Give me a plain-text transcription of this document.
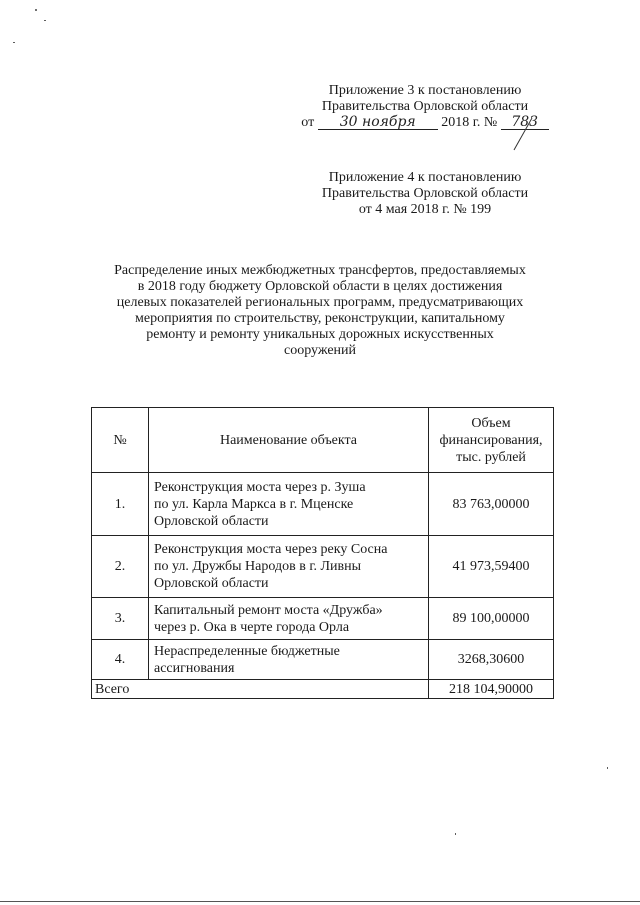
Приложение 3 к постановлению
Правительства Орловской области
от 30 ноября 2018 г. № 783
Приложение 4 к постановлению
Правительства Орловской области
от 4 мая 2018 г. № 199
Распределение иных межбюджетных трансфертов, предоставляемых
в 2018 году бюджету Орловской области в целях достижения
целевых показателей региональных программ, предусматривающих
мероприятия по строительству, реконструкции, капитальному
ремонту и ремонту уникальных дорожных искусственных
сооружений
№	Наименование объекта	Объем
финансирования,
тыс. рублей

1.	Реконструкция моста через р. Зуша
по ул. Карла Маркса в г. Мценске
Орловской области	83 763,00000
2.	Реконструкция моста через реку Сосна
по ул. Дружбы Народов в г. Ливны
Орловской области	41 973,59400
3.	Капитальный ремонт моста «Дружба»
через р. Ока в черте города Орла	89 100,00000
4.	Нераспределенные бюджетные
ассигнования	3268,30600
Всего		218 104,90000
